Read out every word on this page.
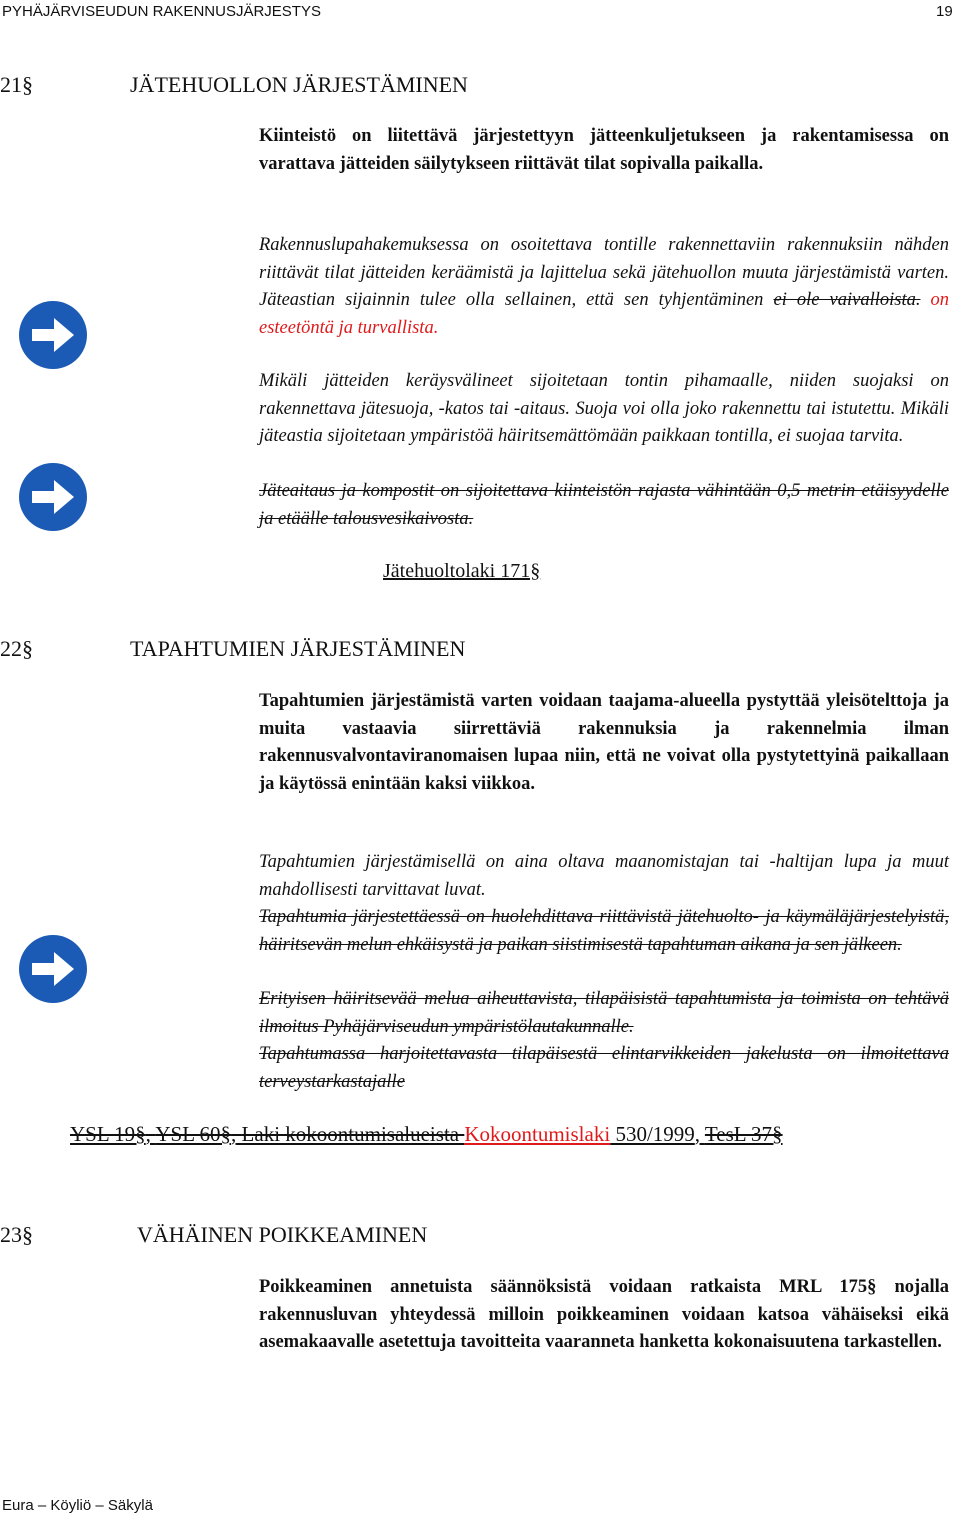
PYHÄJÄRVISEUDUN RAKENNUSJÄRJESTYS	19
21§	JÄTEHUOLLON JÄRJESTÄMINEN
Kiinteistö on liitettävä järjestettyyn jätteenkuljetukseen ja rakentamisessa on varattava jätteiden säilytykseen riittävät tilat sopivalla paikalla.
Rakennuslupahakemuksessa on osoitettava tontille rakennettaviin rakennuksiin nähden riittävät tilat jätteiden keräämistä ja lajittelua sekä jätehuollon muuta järjestämistä varten. Jäteastian sijainnin tulee olla sellainen, että sen tyhjentäminen ei ole vaivalloista. on esteetöntä ja turvallista.
Mikäli jätteiden keräysvälineet sijoitetaan tontin pihamaalle, niiden suojaksi on rakennettava jätesuoja, -katos tai -aitaus. Suoja voi olla joko rakennettu tai istutettu. Mikäli jäteastia sijoitetaan ympäristöä häiritsemättömään paikkaan tontilla, ei suojaa tarvita.
Jäteaitaus ja kompostit on sijoitettava kiinteistön rajasta vähintään 0,5 metrin etäisyydelle ja etäälle talousvesikaivosta.
Jätehuoltolaki 171§
22§	TAPAHTUMIEN JÄRJESTÄMINEN
Tapahtumien järjestämistä varten voidaan taajama-alueella pystyttää yleisötelttoja ja muita vastaavia siirrettäviä rakennuksia ja rakennelmia ilman rakennusvalvontaviranomaisen lupaa niin, että ne voivat olla pystytettyinä paikallaan ja käytössä enintään kaksi viikkoa.
Tapahtumien järjestämisellä on aina oltava maanomistajan tai -haltijan lupa ja muut mahdollisesti tarvittavat luvat.
Tapahtumia järjestettäessä on huolehdittava riittävistä jätehuolto- ja käymäläjärjestelyistä, häiritsevän melun ehkäisystä ja paikan siistimisestä tapahtuman aikana ja sen jälkeen.
Erityisen häiritsevää melua aiheuttavista, tilapäisistä tapahtumista ja toimista on tehtävä ilmoitus Pyhäjärviseudun ympäristölautakunnalle.
Tapahtumassa harjoitettavasta tilapäisestä elintarvikkeiden jakelusta on ilmoitettava terveystarkastajalle
YSL 19§, YSL 60§, Laki kokoontumisalueista Kokoontumislaki 530/1999, TesL 37§
23§	VÄHÄINEN POIKKEAMINEN
Poikkeaminen annetuista säännöksistä voidaan ratkaista MRL 175§ nojalla rakennusluvan yhteydessä milloin poikkeaminen voidaan katsoa vähäiseksi eikä asemakaavalle asetettuja tavoitteita vaaranneta hanketta kokonaisuutena tarkastellen.
Eura – Köyliö – Säkylä
